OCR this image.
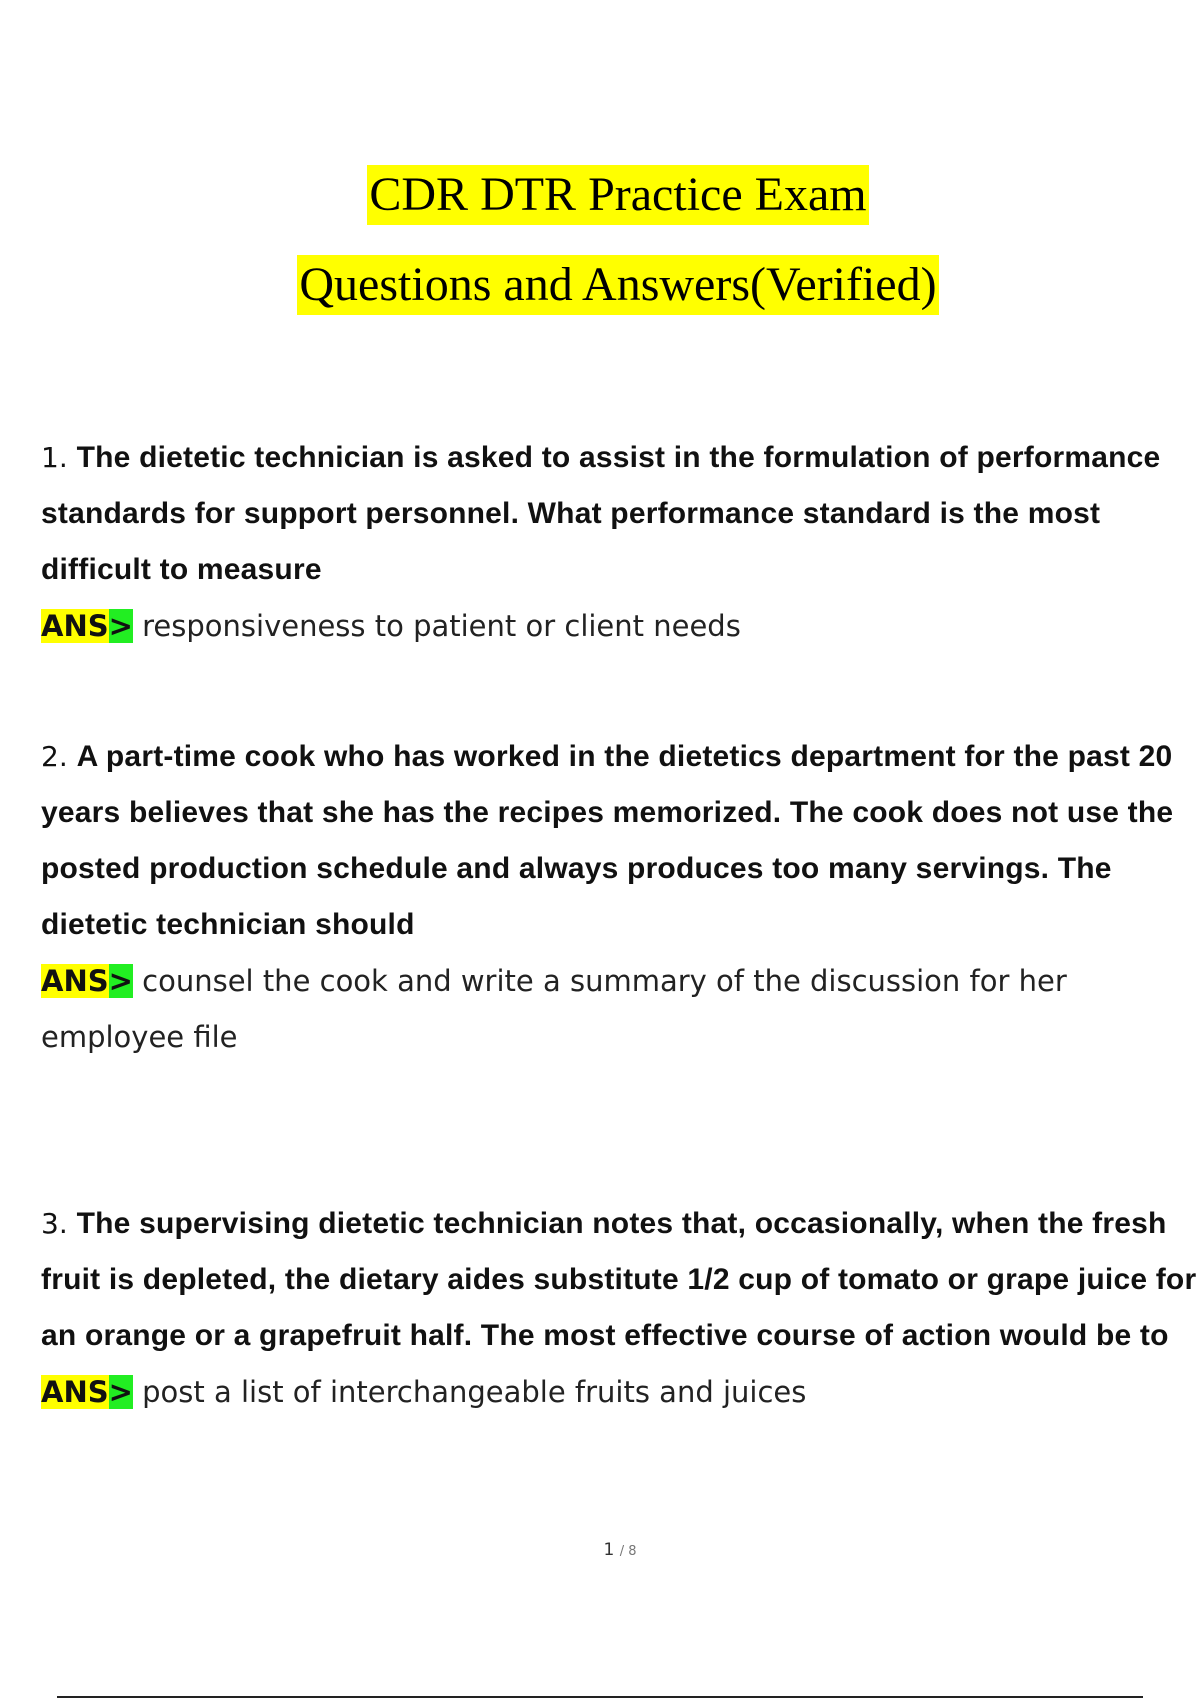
CDR DTR Practice Exam
Questions and Answers(Verified)
1. The dietetic technician is asked to assist in the formulation of performance standards for support personnel. What performance standard is the most difficult to measure
ANS> responsiveness to patient or client needs
2. A part-time cook who has worked in the dietetics department for the past 20 years believes that she has the recipes memorized. The cook does not use the posted production schedule and always produces too many servings. The dietetic technician should
ANS> counsel the cook and write a summary of the discussion for her employee file
3. The supervising dietetic technician notes that, occasionally, when the fresh fruit is depleted, the dietary aides substitute 1/2 cup of tomato or grape juice for an orange or a grapefruit half. The most effective course of action would be to
ANS> post a list of interchangeable fruits and juices
1 / 8
